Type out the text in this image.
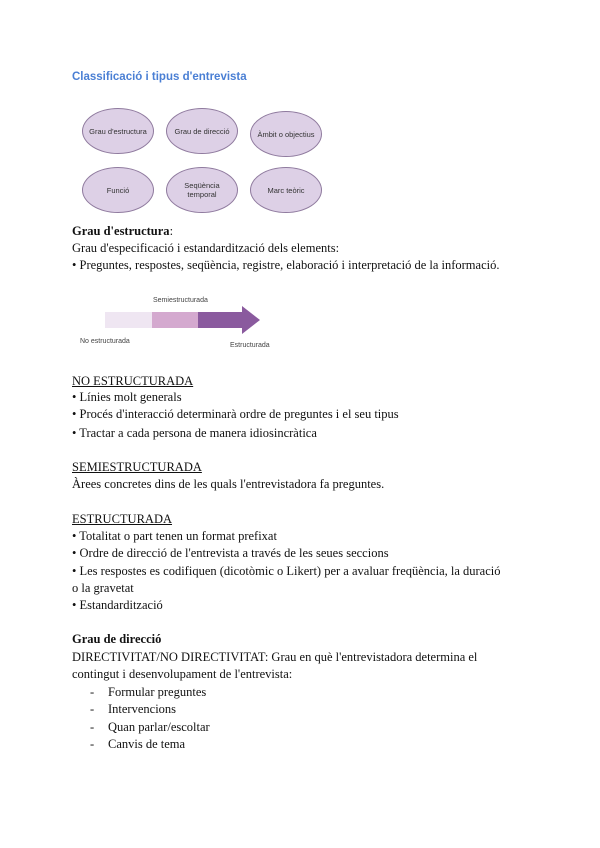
Classificació i tipus d'entrevista
Grau d'estructura	Grau de direcció	Àmbit o objectius
Funció	Seqüència temporal	Marc teòric
Grau d'estructura:
Grau d'especificació i estandardització dels elements:
• Preguntes, respostes, seqüència, registre, elaboració i interpretació de la informació.
Semiestructurada
No estructurada
Estructurada
NO ESTRUCTURADA
• Línies molt generals
• Procés d'interacció determinarà ordre de preguntes i el seu tipus
• Tractar a cada persona de manera idiosincràtica
SEMIESTRUCTURADA
Àrees concretes dins de les quals l'entrevistadora fa preguntes.
ESTRUCTURADA
• Totalitat o part tenen un format prefixat
• Ordre de direcció de l'entrevista a través de les seues seccions
• Les respostes es codifiquen (dicotòmic o Likert) per a avaluar freqüència, la duració
o la gravetat
• Estandardització
Grau de direcció
DIRECTIVITAT/NO DIRECTIVITAT: Grau en què l'entrevistadora determina el
contingut i desenvolupament de l'entrevista:
- Formular preguntes
- Intervencions
- Quan parlar/escoltar
- Canvis de tema
